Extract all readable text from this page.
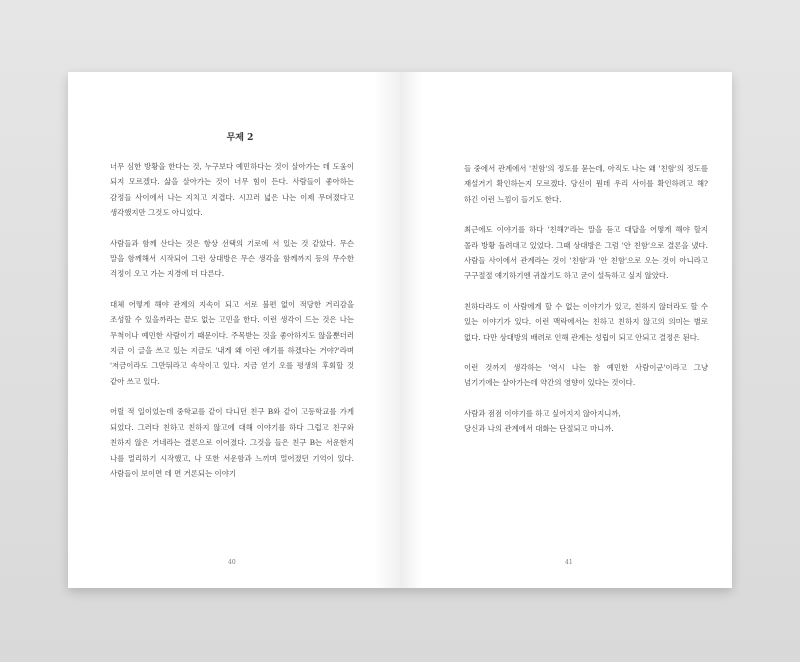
무제 2

너무 심한 방황을 한다는 것, 누구보다 예민하다는 것이 살아가는 데 도움이 되지 모르겠다. 삶을 살아가는 것이 너무 힘이 든다. 사람들이 좋아하는 감정들 사이에서 나는 지치고 지겹다. 시끄러 넓은 나는 이제 무뎌졌다고 생각했지만 그것도 아니었다.

사람들과 함께 산다는 것은 항상 선택의 기로에 서 있는 것 같았다. 무슨 말을 함께해서 시작되어 그런 상대방은 무슨 생각을 함께까지 등의 무수한 걱정이 오고 가는 지경에 더 다른다.

대체 어떻게 해야 관계의 지속이 되고 서로 불편 없이 적당한 거리감을 조성할 수 있을까라는 끝도 없는 고민을 한다. 이런 생각이 드는 것은 나는 무척이나 예민한 사람이기 때문이다. 주목받는 것을 좋아하지도 않을뿐더러 지금 이 글을 쓰고 있는 지금도 '내게 왜 이런 애기를 하겠다는 거야?'라며 '저금이라도 그만둬라고 속삭이고 있다. 지금 얻기 오를 평생의 후회할 것 같아 쓰고 있다.

어릴 적 일이었는데 중학교를 같이 다니던 친구 B와 같이 고등학교를 가게 되었다. 그러다 친하고 친하지 않고에 대해 이야기를 하다 그럽고 친구와 친하지 않은 거네라는 결론으로 이어졌다. 그것을 들은 친구 B는 서운한지 나를 멀리하기 시작했고, 나 또한 서운함과 느끼며 멀어졌던 기억이 있다. 사람들이 보이면 데 면 거론되는 이야기

40

들 중에서 관계에서 '친함'의 정도를 묻는데, 아직도 나는 왜 '친함'의 정도를 재설거기 확인하는지 모르겠다. 당신이 뭔데 우리 사이를 확인하려고 해? 하긴 이런 느낌이 들기도 한다.

최근에도 이야기를 하다 '친해?'라는 말을 듣고 대답을 어떻게 해야 할지 몰라 방황 돌려대고 있었다. 그때 상대방은 그럼 '안 친함'으로 결론을 냈다. 사람들 사이에서 관계라는 것이 '친함'과 '안 친함'으로 오는 것이 아니라고 구구절절 얘기하기엔 귀찮기도 하고 굳이 설득하고 싶지 않았다.

친하다라도 이 사람에게 할 수 없는 이야기가 있고, 친하지 않더라도 할 수 있는 이야기가 있다. 이런 맥락에서는 친하고 친하지 않고의 의미는 별로 없다. 다만 상대방의 배려로 인해 관계는 성립이 되고 안되고 결정은 된다.

이런 것까지 생각하는 '역시 나는 참 예민한 사람이군'이라고 그냥 넘기기에는 살아가는데 약간의 영향이 있다는 것이다.

사람과 점점 이야기를 하고 싶어지지 않아지니까,
당신과 나의 관계에서 대화는 단절되고 마니까.

41
